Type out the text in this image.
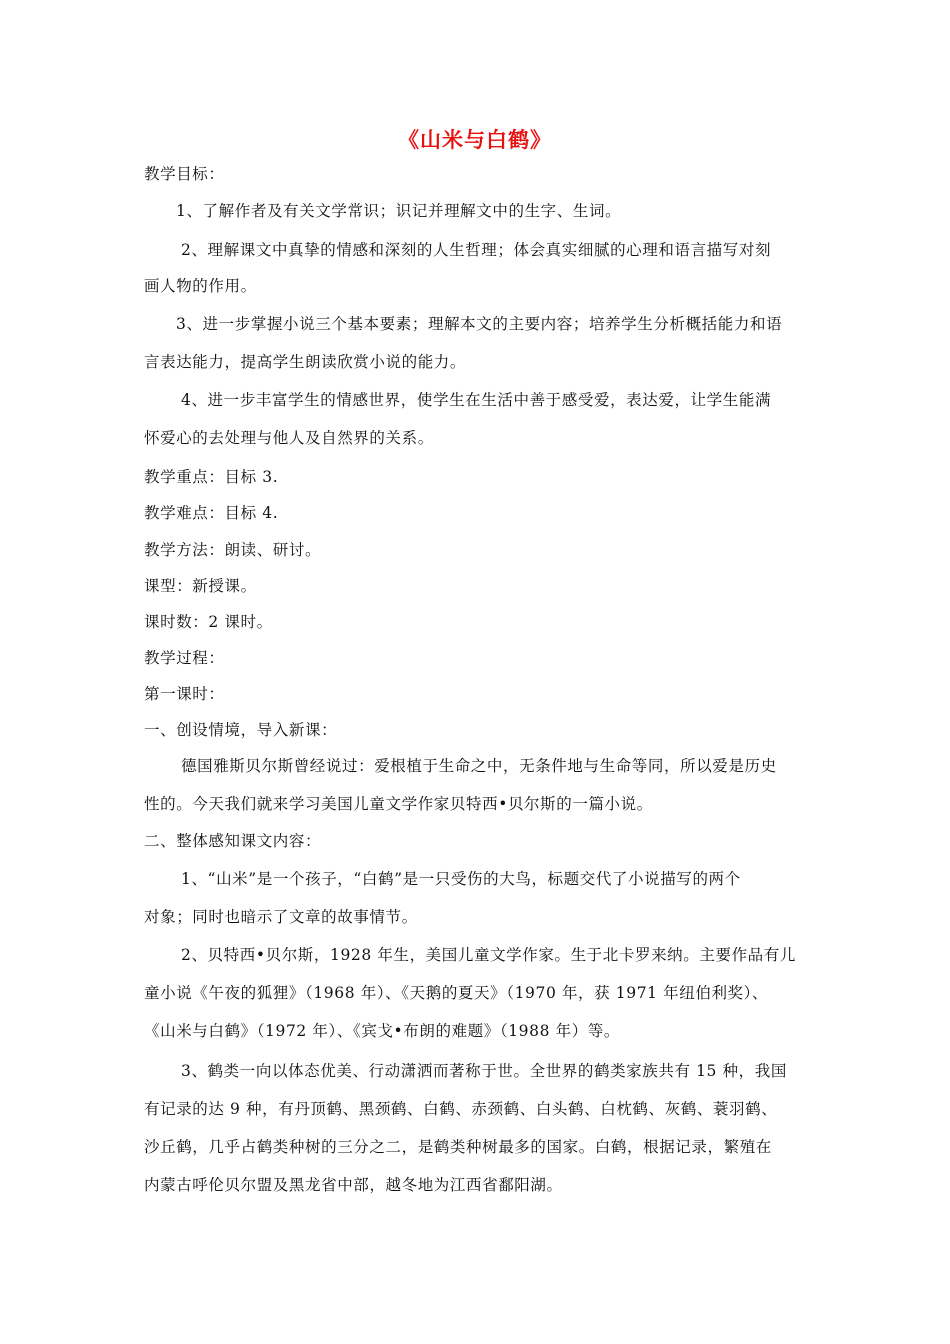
《山米与白鹤》
教学目标：
1、了解作者及有关文学常识；识记并理解文中的生字、生词。
2、理解课文中真挚的情感和深刻的人生哲理；体会真实细腻的心理和语言描写对刻
画人物的作用。
3、进一步掌握小说三个基本要素；理解本文的主要内容；培养学生分析概括能力和语
言表达能力，提高学生朗读欣赏小说的能力。
4、进一步丰富学生的情感世界，使学生在生活中善于感受爱，表达爱，让学生能满
怀爱心的去处理与他人及自然界的关系。
教学重点：目标 3.
教学难点：目标 4.
教学方法：朗读、研讨。
课型：新授课。
课时数：2 课时。
教学过程：
第一课时：
一、创设情境，导入新课：
德国雅斯贝尔斯曾经说过：爱根植于生命之中，无条件地与生命等同，所以爱是历史
性的。今天我们就来学习美国儿童文学作家贝特西•贝尔斯的一篇小说。
二、整体感知课文内容：
1、“山米”是一个孩子，“白鹤”是一只受伤的大鸟，标题交代了小说描写的两个
对象；同时也暗示了文章的故事情节。
2、贝特西•贝尔斯，1928 年生，美国儿童文学作家。生于北卡罗来纳。主要作品有儿
童小说《午夜的狐狸》（1968 年）、《天鹅的夏天》（1970 年，获 1971 年纽伯利奖）、
《山米与白鹤》（1972 年）、《宾戈•布朗的难题》（1988 年）等。
3、鹤类一向以体态优美、行动潇洒而著称于世。全世界的鹤类家族共有 15 种，我国
有记录的达 9 种，有丹顶鹤、黑颈鹤、白鹤、赤颈鹤、白头鹤、白枕鹤、灰鹤、蓑羽鹤、
沙丘鹤，几乎占鹤类种树的三分之二，是鹤类种树最多的国家。白鹤，根据记录，繁殖在
内蒙古呼伦贝尔盟及黑龙省中部，越冬地为江西省鄱阳湖。
